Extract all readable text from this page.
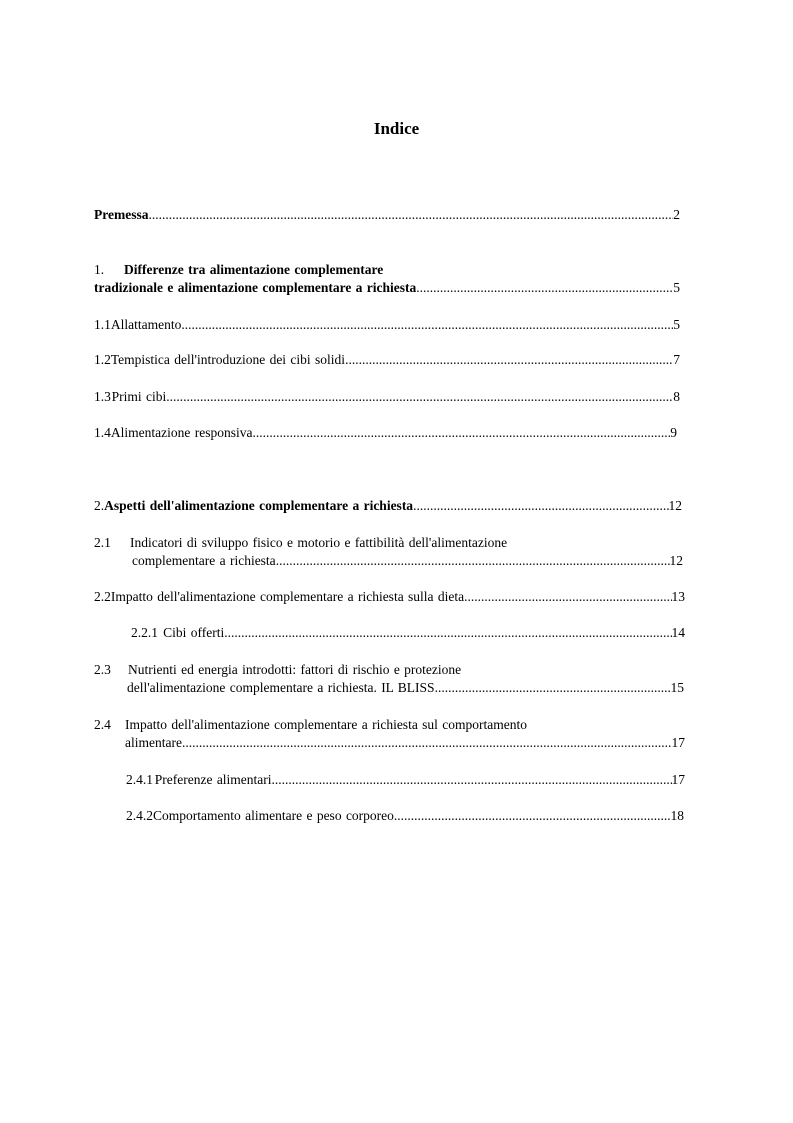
Indice
Premessa .....	2
1. Differenze tra alimentazione complementare
tradizionale e alimentazione complementare a richiesta .....	5
1.1 Allattamento .....	5
1.2 Tempistica dell'introduzione dei cibi solidi .....	7
1.3 Primi cibi .....	8
1.4 Alimentazione responsiva .....	9
2. Aspetti dell'alimentazione complementare a richiesta .....	12
2.1 Indicatori di sviluppo fisico e motorio e fattibilità dell'alimentazione
complementare a richiesta .....	12
2.2 Impatto dell'alimentazione complementare a richiesta sulla dieta .....	13
2.2.1 Cibi offerti .....	14
2.3 Nutrienti ed energia introdotti: fattori di rischio e protezione
dell'alimentazione complementare a richiesta. IL BLISS .....	15
2.4 Impatto dell'alimentazione complementare a richiesta sul comportamento
alimentare .....	17
2.4.1 Preferenze alimentari .....	17
2.4.2 Comportamento alimentare e peso corporeo .....	18
